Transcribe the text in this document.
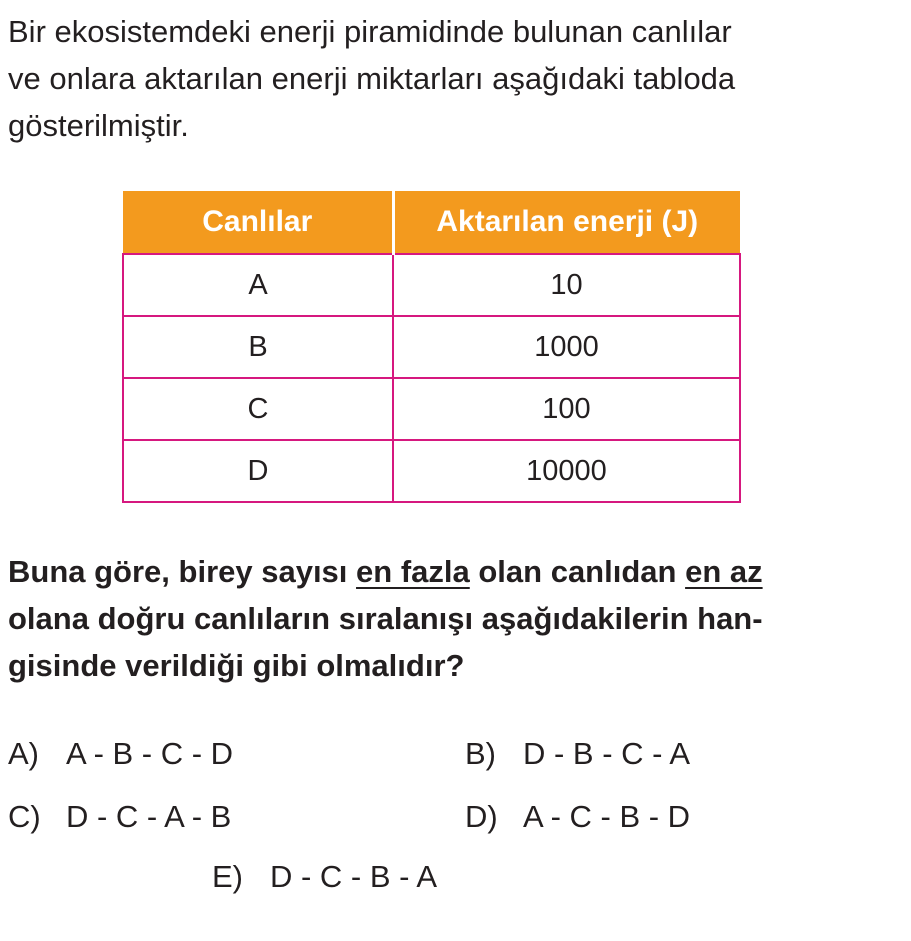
Bir ekosistemdeki enerji piramidinde bulunan canlılar
ve onlara aktarılan enerji miktarları aşağıdaki tabloda
gösterilmiştir.
Canlılar	Aktarılan enerji (J)
A	10
B	1000
C	100
D	10000
Buna göre, birey sayısı en fazla olan canlıdan en az
olana doğru canlıların sıralanışı aşağıdakilerin han-
gisinde verildiği gibi olmalıdır?
A) A - B - C - D	B) D - B - C - A
C) D - C - A - B	D) A - C - B - D
E) D - C - B - A
